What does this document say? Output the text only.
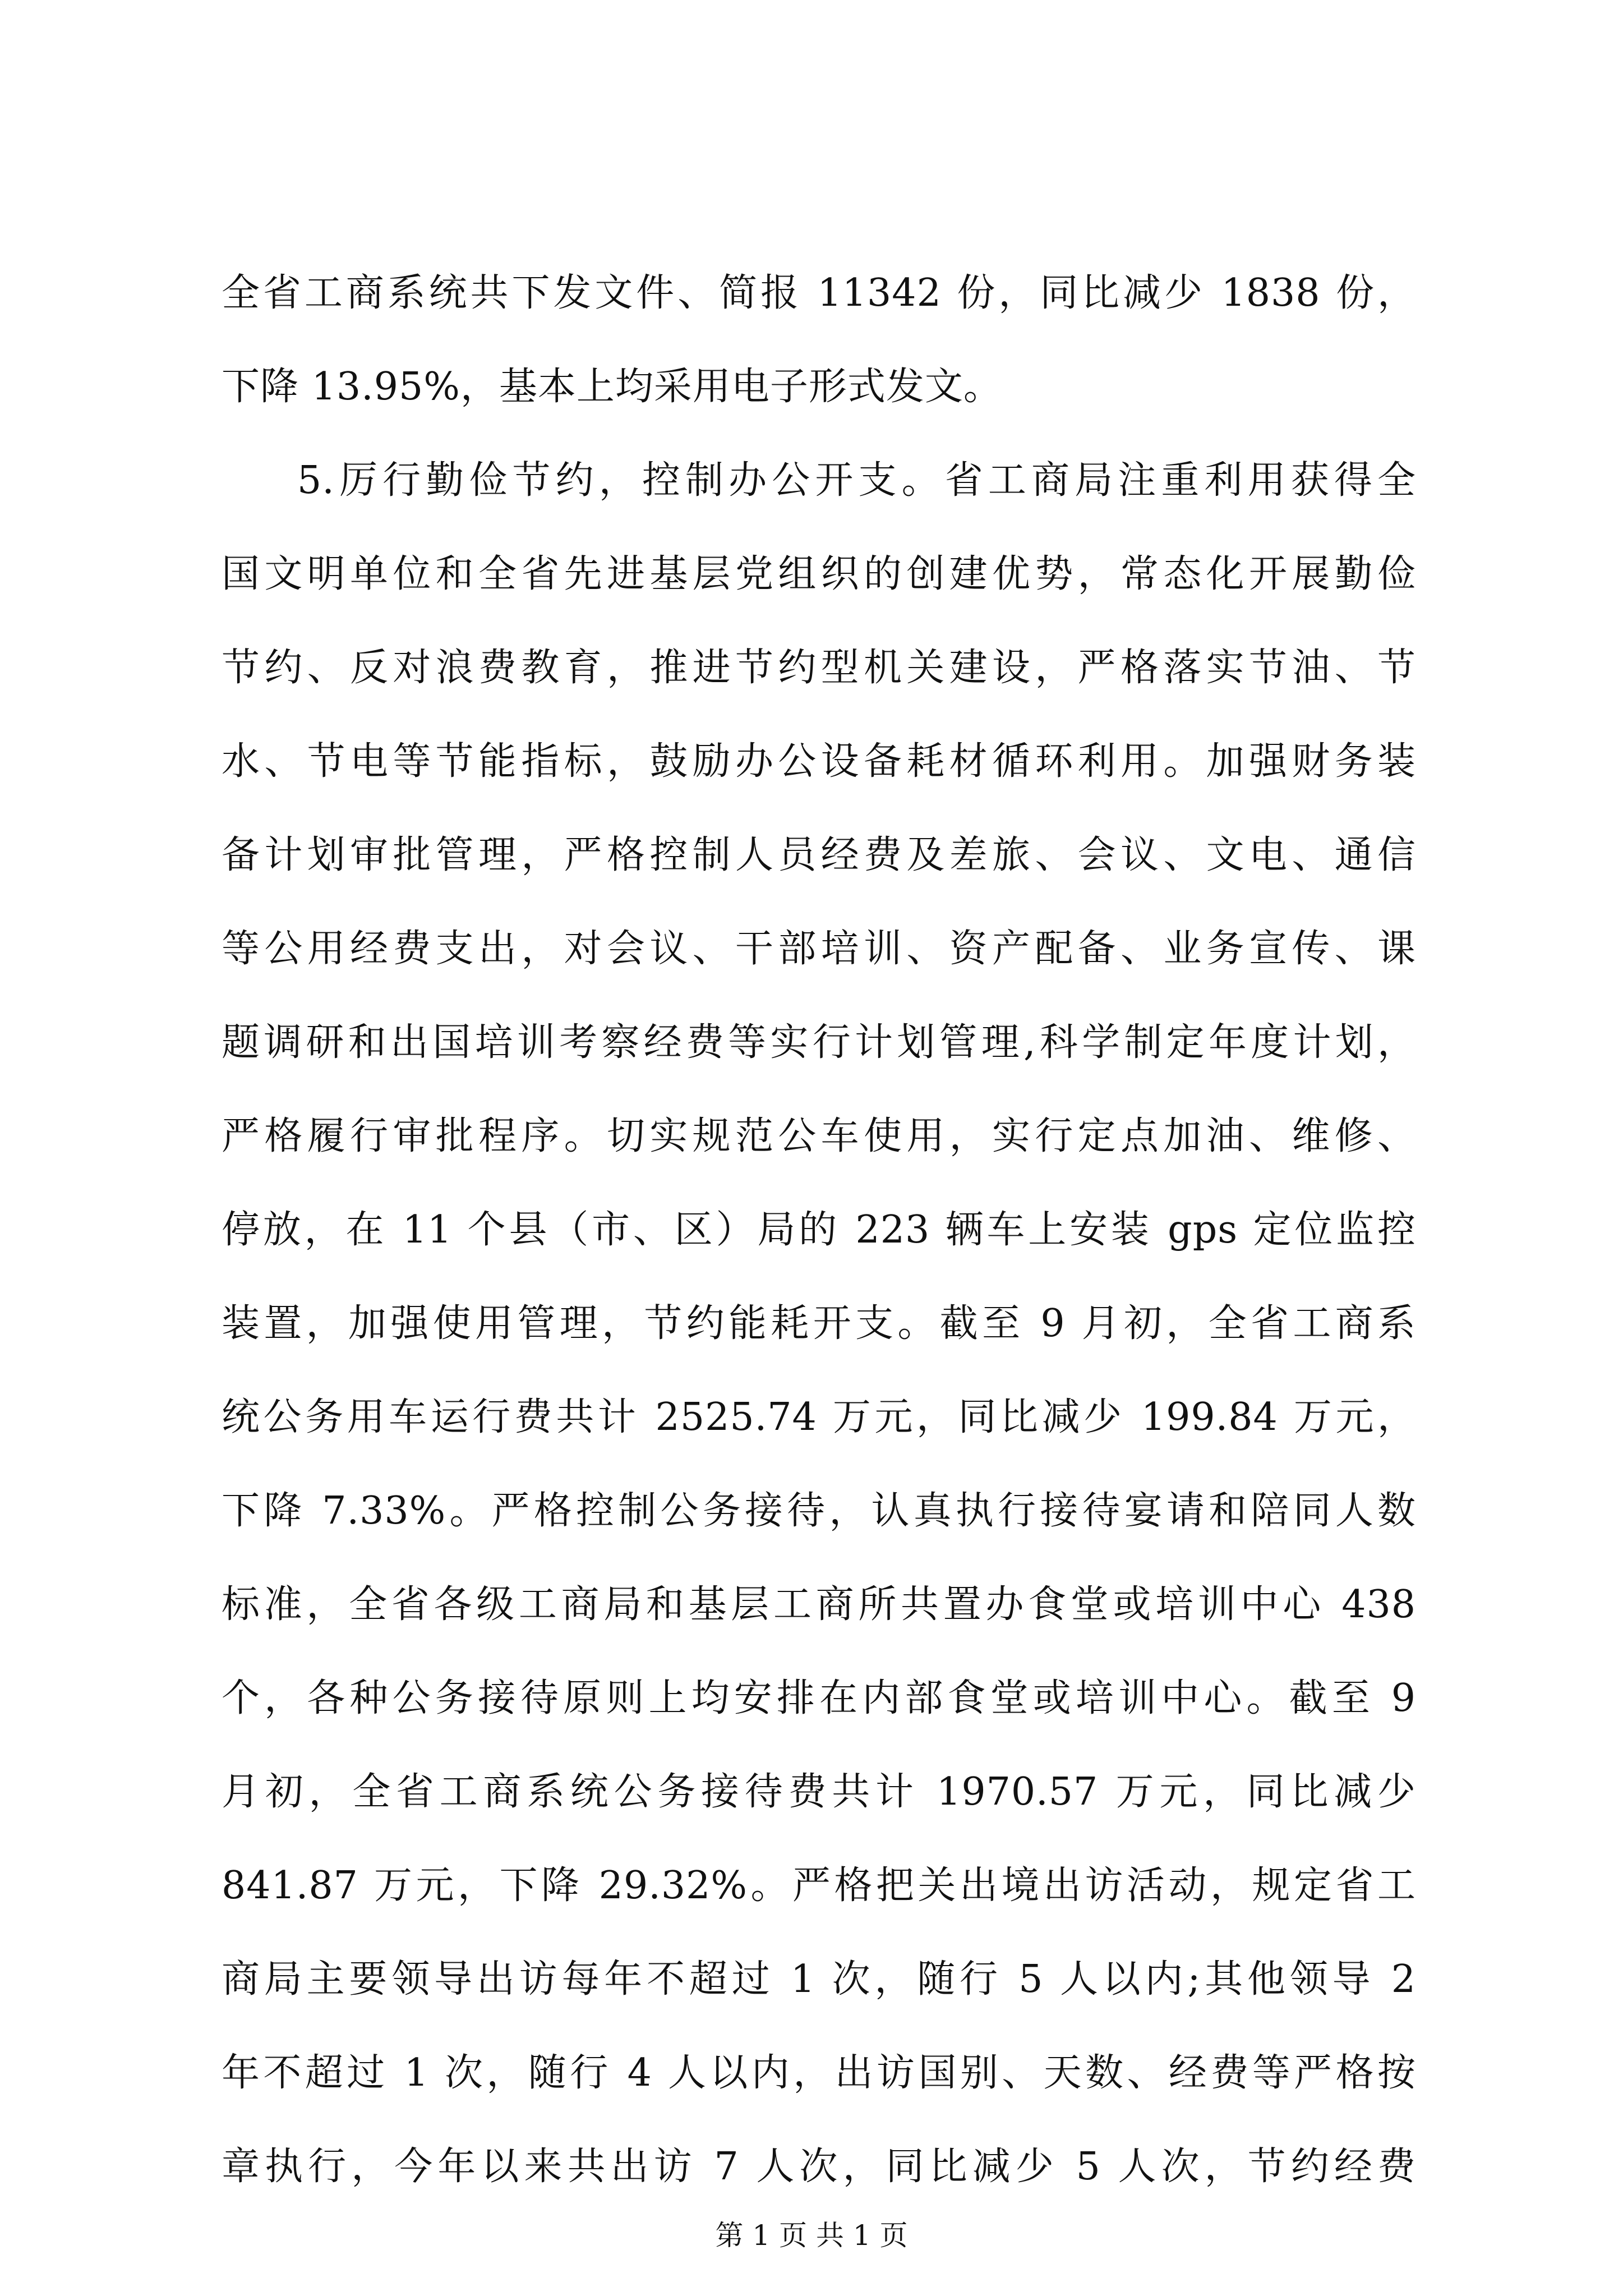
全省工商系统共下发文件、简报 11342 份，同比减少 1838 份，
下降 13.95%，基本上均采用电子形式发文。
5.厉行勤俭节约，控制办公开支。省工商局注重利用获得全
国文明单位和全省先进基层党组织的创建优势，常态化开展勤俭
节约、反对浪费教育，推进节约型机关建设，严格落实节油、节
水、节电等节能指标，鼓励办公设备耗材循环利用。加强财务装
备计划审批管理，严格控制人员经费及差旅、会议、文电、通信
等公用经费支出，对会议、干部培训、资产配备、业务宣传、课
题调研和出国培训考察经费等实行计划管理,科学制定年度计划，
严格履行审批程序。切实规范公车使用，实行定点加油、维修、
停放，在 11 个县（市、区）局的 223 辆车上安装 gps 定位监控
装置，加强使用管理，节约能耗开支。截至 9 月初，全省工商系
统公务用车运行费共计 2525.74 万元，同比减少 199.84 万元，
下降 7.33%。严格控制公务接待，认真执行接待宴请和陪同人数
标准，全省各级工商局和基层工商所共置办食堂或培训中心 438
个，各种公务接待原则上均安排在内部食堂或培训中心。截至 9
月初，全省工商系统公务接待费共计 1970.57 万元，同比减少
841.87 万元，下降 29.32%。严格把关出境出访活动，规定省工
商局主要领导出访每年不超过 1 次，随行 5 人以内;其他领导 2
年不超过 1 次，随行 4 人以内，出访国别、天数、经费等严格按
章执行，今年以来共出访 7 人次，同比减少 5 人次，节约经费
第 1 页 共 1 页
